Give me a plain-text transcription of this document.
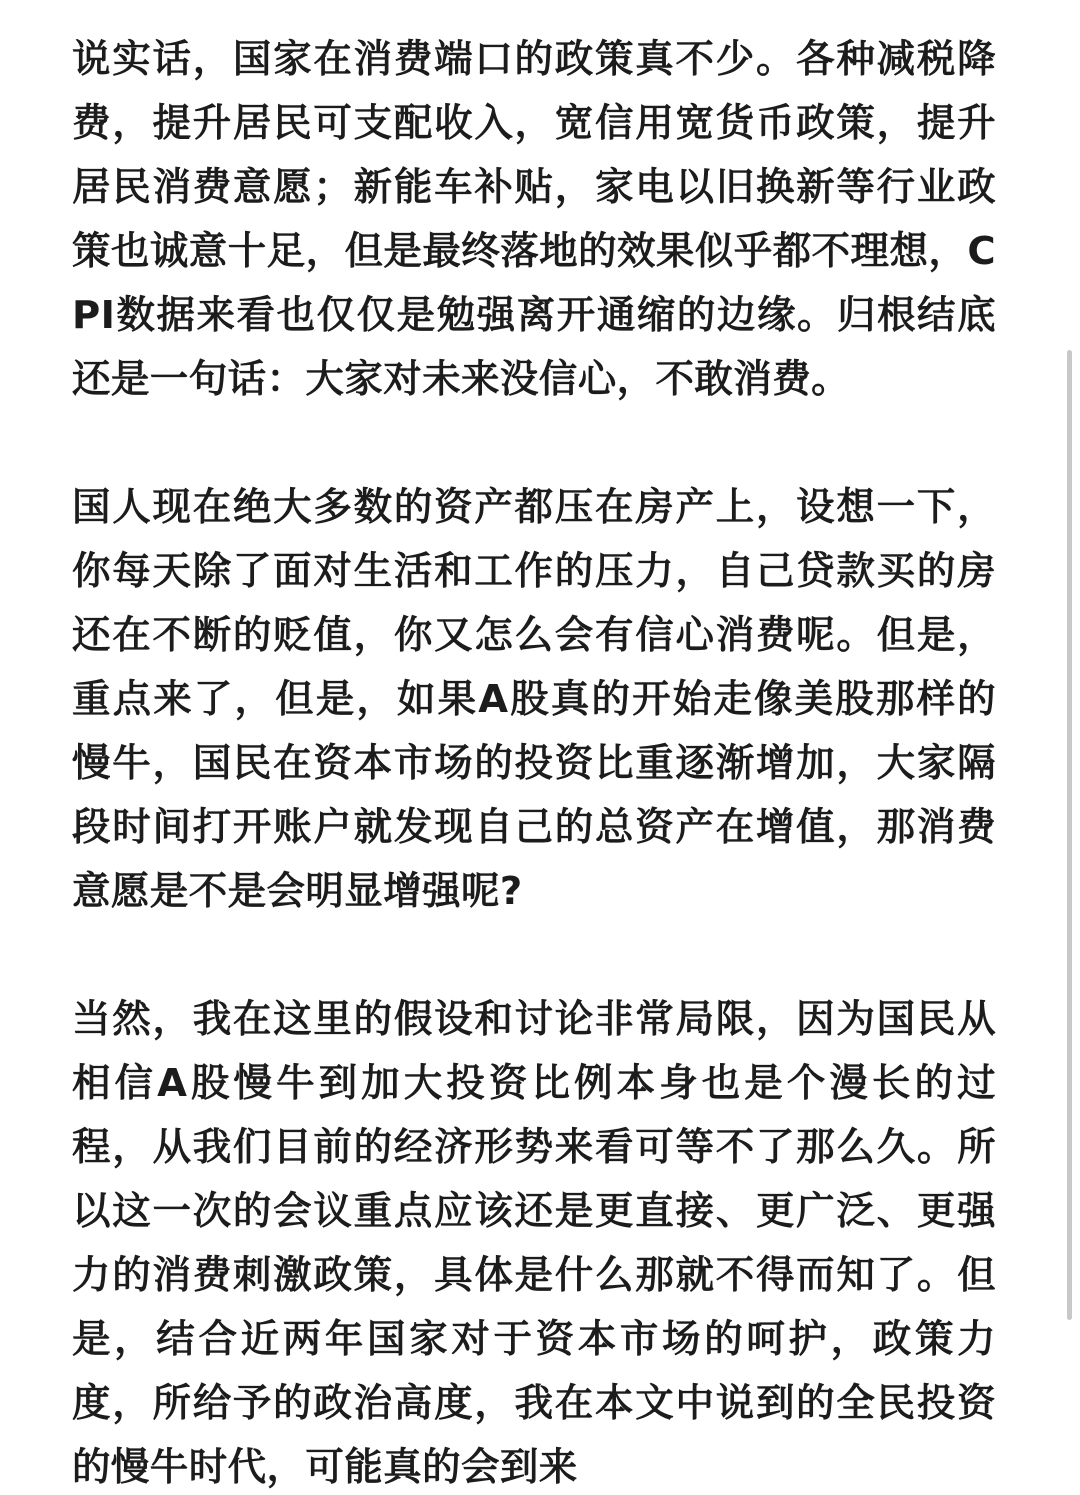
说实话，国家在消费端口的政策真不少。各种减税降费，提升居民可支配收入，宽信用宽货币政策，提升居民消费意愿；新能车补贴，家电以旧换新等行业政策也诚意十足，但是最终落地的效果似乎都不理想，CPI数据来看也仅仅是勉强离开通缩的边缘。归根结底还是一句话：大家对未来没信心，不敢消费。

国人现在绝大多数的资产都压在房产上，设想一下，你每天除了面对生活和工作的压力，自己贷款买的房还在不断的贬值，你又怎么会有信心消费呢。但是，重点来了，但是，如果A股真的开始走像美股那样的慢牛，国民在资本市场的投资比重逐渐增加，大家隔段时间打开账户就发现自己的总资产在增值，那消费意愿是不是会明显增强呢?

当然，我在这里的假设和讨论非常局限，因为国民从相信A股慢牛到加大投资比例本身也是个漫长的过程，从我们目前的经济形势来看可等不了那么久。所以这一次的会议重点应该还是更直接、更广泛、更强力的消费刺激政策，具体是什么那就不得而知了。但是，结合近两年国家对于资本市场的呵护，政策力度，所给予的政治高度，我在本文中说到的全民投资的慢牛时代，可能真的会到来
